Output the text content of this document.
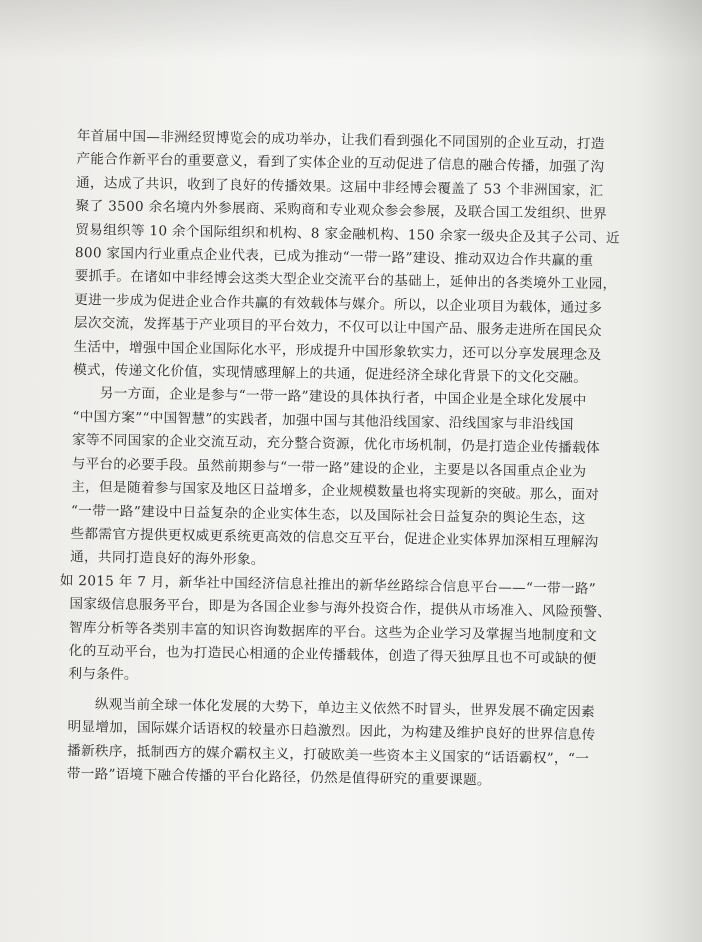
年首届中国—非洲经贸博览会的成功举办，让我们看到强化不同国别的企业互动，打造
产能合作新平台的重要意义，看到了实体企业的互动促进了信息的融合传播，加强了沟
通，达成了共识，收到了良好的传播效果。这届中非经博会覆盖了 53 个非洲国家，汇
聚了 3500 余名境内外参展商、采购商和专业观众参会参展，及联合国工发组织、世界
贸易组织等 10 余个国际组织和机构、8 家金融机构、150 余家一级央企及其子公司、近
800 家国内行业重点企业代表，已成为推动“一带一路”建设、推动双边合作共赢的重
要抓手。在诸如中非经博会这类大型企业交流平台的基础上，延伸出的各类境外工业园，
更进一步成为促进企业合作共赢的有效载体与媒介。所以，以企业项目为载体，通过多
层次交流，发挥基于产业项目的平台效力，不仅可以让中国产品、服务走进所在国民众
生活中，增强中国企业国际化水平，形成提升中国形象软实力，还可以分享发展理念及
模式，传递文化价值，实现情感理解上的共通，促进经济全球化背景下的文化交融。
另一方面，企业是参与“一带一路”建设的具体执行者，中国企业是全球化发展中
“中国方案”“中国智慧”的实践者，加强中国与其他沿线国家、沿线国家与非沿线国
家等不同国家的企业交流互动，充分整合资源，优化市场机制，仍是打造企业传播载体
与平台的必要手段。虽然前期参与“一带一路”建设的企业，主要是以各国重点企业为
主，但是随着参与国家及地区日益增多，企业规模数量也将实现新的突破。那么，面对
“一带一路”建设中日益复杂的企业实体生态，以及国际社会日益复杂的舆论生态，这
些都需官方提供更权威更系统更高效的信息交互平台，促进企业实体界加深相互理解沟
通，共同打造良好的海外形象。
如 2015 年 7 月，新华社中国经济信息社推出的新华丝路综合信息平台——“一带一路”
国家级信息服务平台，即是为各国企业参与海外投资合作，提供从市场准入、风险预警、
智库分析等各类别丰富的知识咨询数据库的平台。这些为企业学习及掌握当地制度和文
化的互动平台，也为打造民心相通的企业传播载体，创造了得天独厚且也不可或缺的便
利与条件。
纵观当前全球一体化发展的大势下，单边主义依然不时冒头，世界发展不确定因素
明显增加，国际媒介话语权的较量亦日趋激烈。因此，为构建及维护良好的世界信息传
播新秩序，抵制西方的媒介霸权主义，打破欧美一些资本主义国家的“话语霸权”，“一
带一路”语境下融合传播的平台化路径，仍然是值得研究的重要课题。
